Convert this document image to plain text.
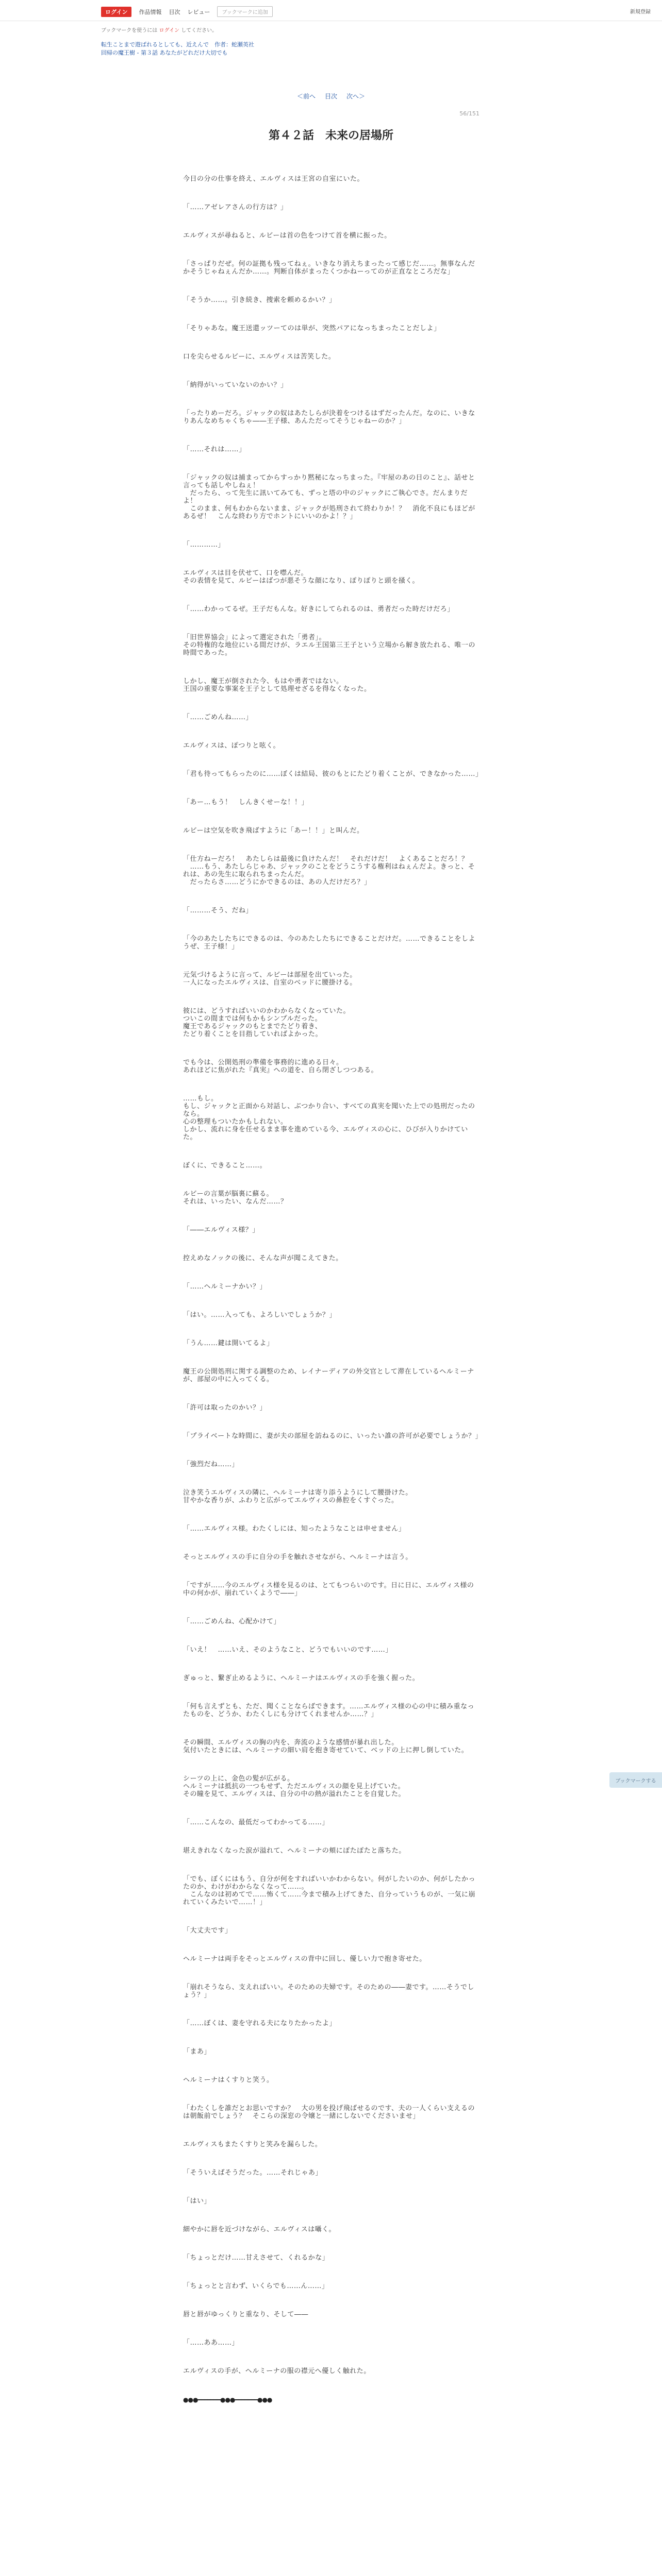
ログイン	作品情報 目次 レビュー	ブックマークに追加	新規登録
ブックマークを使うには ログイン してください。
転生ことまで遊ばれるとしても、近えんで　作者：蛇瀬英社
回帰の魔王樹 - 第３話 あなたがどれだけ大切でも
＜前へ 目次 次へ＞
56/151
第４２話　未来の居場所

今日の分の仕事を終え、エルヴィスは王宮の自室にいた。

「……アゼレアさんの行方は？」

エルヴィスが尋ねると、ルビーは首の色をつけて首を横に振った。

「さっぱりだぜ。何の証拠も残ってねぇ。いきなり消えちまったって感じだ……。無事なんだかそうじゃねぇんだか……。判断自体がまったくつかねーってのが正直なところだな」

「そうか……。引き続き、捜索を頼めるかい？」

「そりゃあな。魔王送還ッツーてのは単が、突然パアになっちまったことだしよ」

口を尖らせるルビーに、エルヴィスは苦笑した。

「納得がいっていないのかい？」

「ったりめーだろ。ジャックの奴はあたしらが決着をつけるはずだったんだ。なのに、いきなりあんなめちゃくちゃ――王子様、あんただってそうじゃねーのか？」

「……それは……」

「ジャックの奴は捕まってからすっかり黙秘になっちまった。『牢屋のあの日のこと』、話せと言っても話しやしねぇ！
　だったら、って先生に訊いてみても、ずっと塔の中のジャックにご執心でさ。だんまりだよ！
　このまま、何もわからないまま、ジャックが処刑されて終わりか！？　消化不良にもほどがあるぜ！　こんな終わり方でホントにいいのかよ！？」

「…………」

エルヴィスは目を伏せて、口を噤んだ。
その表情を見て、ルビーはばつが悪そうな顔になり、ぽりぽりと頭を掻く。

「……わかってるぜ。王子だもんな。好きにしてられるのは、勇者だった時だけだろ」

「旧世界協会」によって選定された「勇者」。
その特権的な地位にいる間だけが、ラエル王国第三王子という立場から解き放たれる、唯一の時間であった。

しかし、魔王が倒された今、もはや勇者ではない。
王国の重要な事案を王子として処理せざるを得なくなった。

「……ごめんね……」

エルヴィスは、ぽつりと呟く。

「君も待ってもらったのに……ぼくは結局、彼のもとにたどり着くことが、できなかった……」

「あー…もう！　しんきくせーな！！」

ルビーは空気を吹き飛ばすように「あー！！」と叫んだ。

「仕方ねーだろ！　あたしらは最後に負けたんだ！　それだけだ！　よくあることだろ！？
　……もう、あたしらじゃあ、ジャックのことをどうこうする権利はねぇんだよ。きっと、それは、あの先生に取られちまったんだ。
　だったらさ……どうにかできるのは、あの人だけだろ？」

「………そう、だね」

「今のあたしたちにできるのは、今のあたしたちにできることだけだ。……できることをしようぜ、王子様！」

元気づけるように言って、ルビーは部屋を出ていった。
一人になったエルヴィスは、自室のベッドに腰掛ける。

彼には、どうすればいいのかわからなくなっていた。
ついこの間までは何もかもシンプルだった。
魔王であるジャックのもとまでたどり着き、
たどり着くことを目指していればよかった。

でも今は、公開処刑の準備を事務的に進める日々。
あれほどに焦がれた『真実』への道を、自ら閉ざしつつある。

……もし。
もし、ジャックと正面から対話し、ぶつかり合い、すべての真実を聞いた上での処刑だったのなら。
心の整理もついたかもしれない。
しかし、流れに身を任せるまま事を進めている今、エルヴィスの心に、ひびが入りかけていた。

ぼくに、できること……。

ルビーの言葉が脳裏に蘇る。
それは、いったい、なんだ……？

「――エルヴィス様？」

控えめなノックの後に、そんな声が聞こえてきた。

「……ヘルミーナかい？」

「はい。……入っても、よろしいでしょうか？」

「うん……鍵は開いてるよ」

魔王の公開処刑に関する調整のため、レイナーディアの外交官として滞在しているヘルミーナが、部屋の中に入ってくる。

「許可は取ったのかい？」

「プライベートな時間に、妻が夫の部屋を訪ねるのに、いったい誰の許可が必要でしょうか？」

「強烈だね……」

泣き笑うエルヴィスの隣に、ヘルミーナは寄り添うようにして腰掛けた。
甘やかな香りが、ふわりと広がってエルヴィスの鼻腔をくすぐった。

「……エルヴィス様。わたくしには、知ったようなことは申せません」

そっとエルヴィスの手に自分の手を触れさせながら、ヘルミーナは言う。

「ですが……今のエルヴィス様を見るのは、とてもつらいのです。日に日に、エルヴィス様の中の何かが、崩れていくようで――」

「……ごめんね、心配かけて」

「いえ！　……いえ、そのようなこと、どうでもいいのです……」

ぎゅっと、繋ぎ止めるように、ヘルミーナはエルヴィスの手を強く握った。

「何も言えずとも、ただ、聞くことならばできます。……エルヴィス様の心の中に積み重なったものを、どうか、わたくしにも分けてくれませんか……？」

その瞬間、エルヴィスの胸の内を、奔流のような感情が暴れ出した。
気付いたときには、ヘルミーナの細い肩を抱き寄せていて、ベッドの上に押し倒していた。

シーツの上に、金色の髪が広がる。
ヘルミーナは抵抗の一つもせず、ただエルヴィスの顔を見上げていた。
その瞳を見て、エルヴィスは、自分の中の熱が溢れたことを自覚した。

「……こんなの、最低だってわかってる……」

堪えきれなくなった涙が溢れて、ヘルミーナの頬にぽたぽたと落ちた。

「でも、ぼくにはもう、自分が何をすればいいかわからない。何がしたいのか、何がしたかったのか、わけがわからなくなって……。
　こんなのは初めてで……怖くて……今まで積み上げてきた、自分っていうものが、一気に崩れていくみたいで……！」

「大丈夫です」

ヘルミーナは両手をそっとエルヴィスの背中に回し、優しい力で抱き寄せた。

「崩れそうなら、支えればいい。そのための夫婦です。そのための――妻です。……そうでしょう？」

「……ぼくは、妻を守れる夫になりたかったよ」

「まあ」

ヘルミーナはくすりと笑う。

「わたくしを誰だとお思いですか？　大の男を投げ飛ばせるのです、夫の一人くらい支えるのは朝飯前でしょう？　そこらの深窓の令嬢と一緒にしないでくださいませ」

エルヴィスもまたくすりと笑みを漏らした。

「そういえばそうだった。……それじゃあ」

「はい」

細やかに唇を近づけながら、エルヴィスは囁く。

「ちょっとだけ……甘えさせて、くれるかな」

「ちょっとと言わず、いくらでも……ん……」

唇と唇がゆっくりと重なり、そして――

「……ああ……」

エルヴィスの手が、ヘルミーナの服の襟元へ優しく触れた。

●●●━━━━━━━●●●━━━━━━━●●●

ブックマークする
